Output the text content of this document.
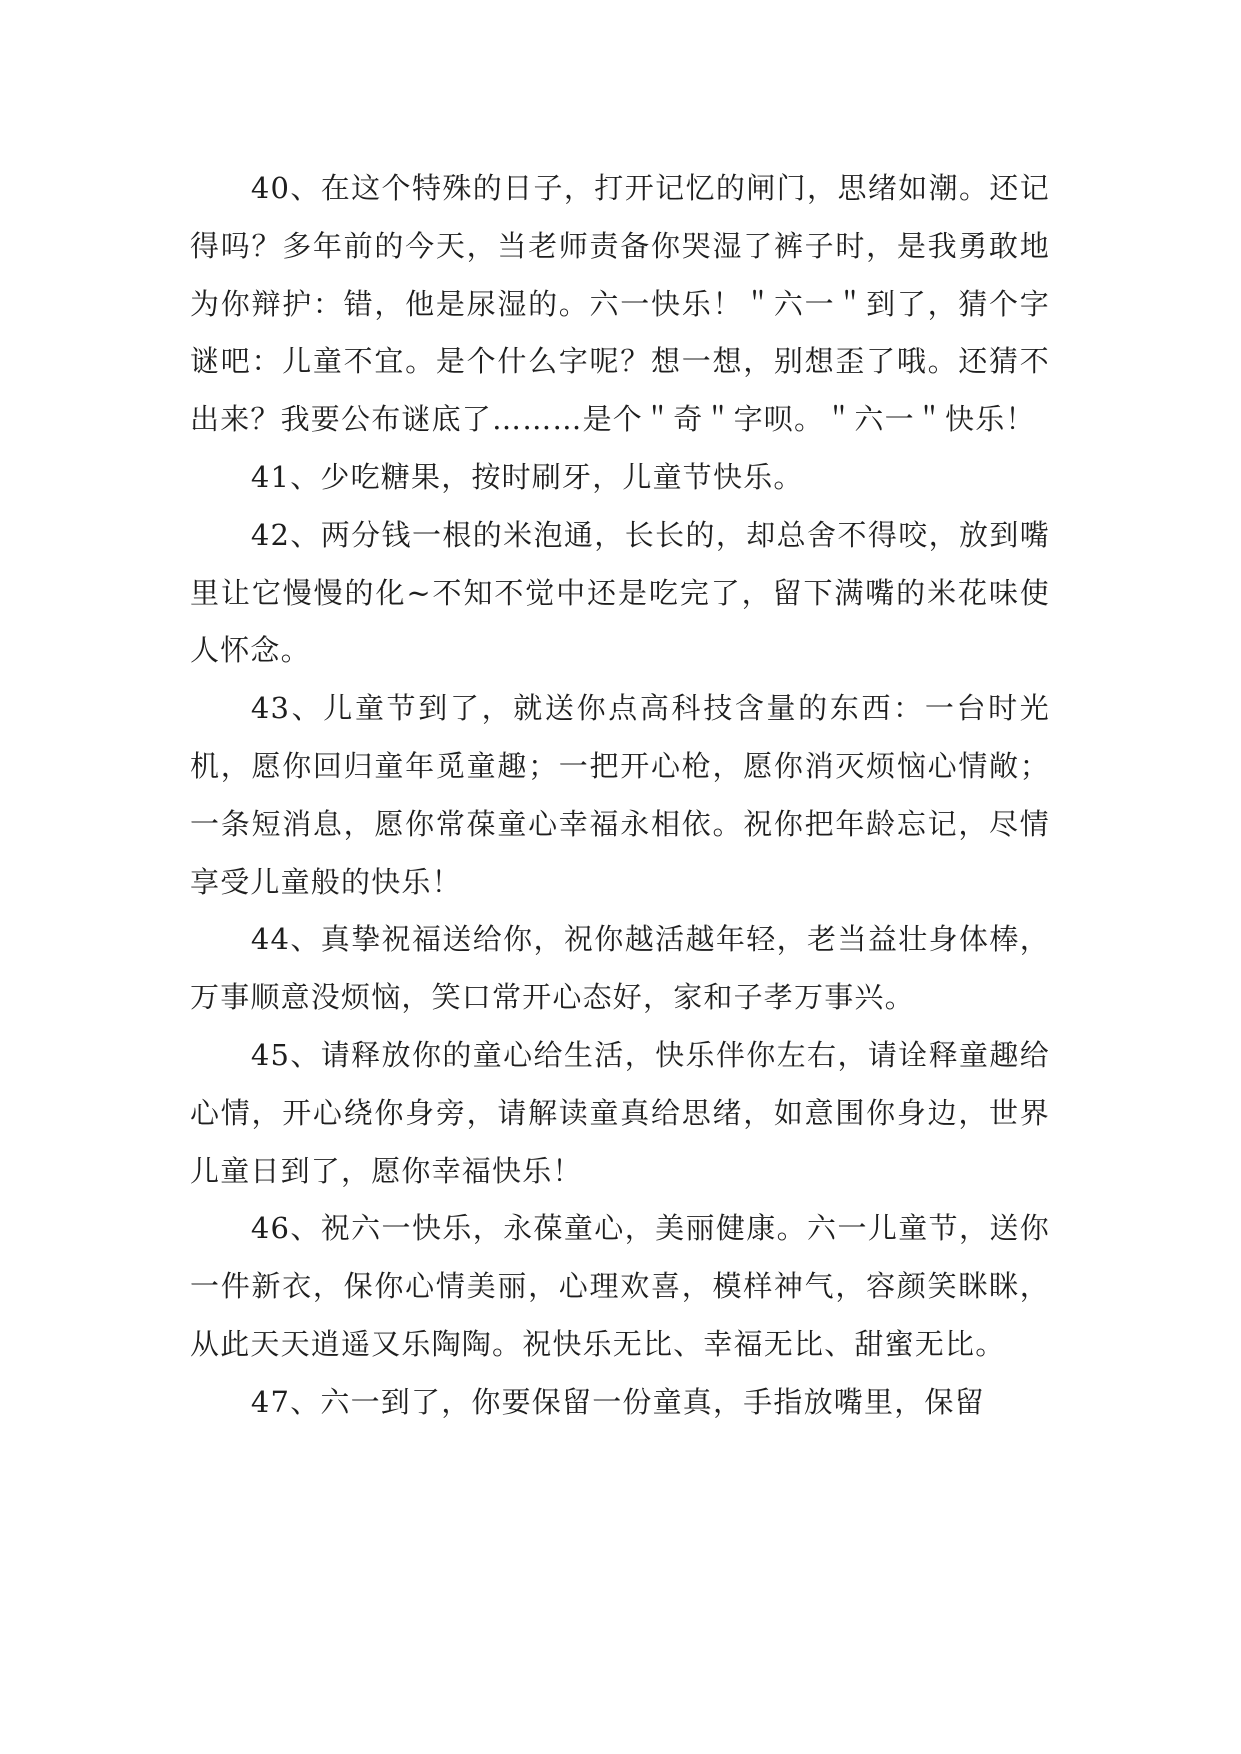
40、在这个特殊的日子，打开记忆的闸门，思绪如潮。还记得吗？多年前的今天，当老师责备你哭湿了裤子时，是我勇敢地为你辩护：错，他是尿湿的。六一快乐！＂六一＂到了，猜个字谜吧：儿童不宜。是个什么字呢？想一想，别想歪了哦。还猜不出来？我要公布谜底了………是个＂奇＂字呗。＂六一＂快乐！

41、少吃糖果，按时刷牙，儿童节快乐。

42、两分钱一根的米泡通，长长的，却总舍不得咬，放到嘴里让它慢慢的化~不知不觉中还是吃完了，留下满嘴的米花味使人怀念。

43、儿童节到了，就送你点高科技含量的东西：一台时光机，愿你回归童年觅童趣；一把开心枪，愿你消灭烦恼心情敞；一条短消息，愿你常葆童心幸福永相依。祝你把年龄忘记，尽情享受儿童般的快乐！

44、真挚祝福送给你，祝你越活越年轻，老当益壮身体棒，万事顺意没烦恼，笑口常开心态好，家和子孝万事兴。

45、请释放你的童心给生活，快乐伴你左右，请诠释童趣给心情，开心绕你身旁，请解读童真给思绪，如意围你身边，世界儿童日到了，愿你幸福快乐！

46、祝六一快乐，永葆童心，美丽健康。六一儿童节，送你一件新衣，保你心情美丽，心理欢喜，模样神气，容颜笑眯眯，从此天天逍遥又乐陶陶。祝快乐无比、幸福无比、甜蜜无比。

47、六一到了，你要保留一份童真，手指放嘴里，保留
